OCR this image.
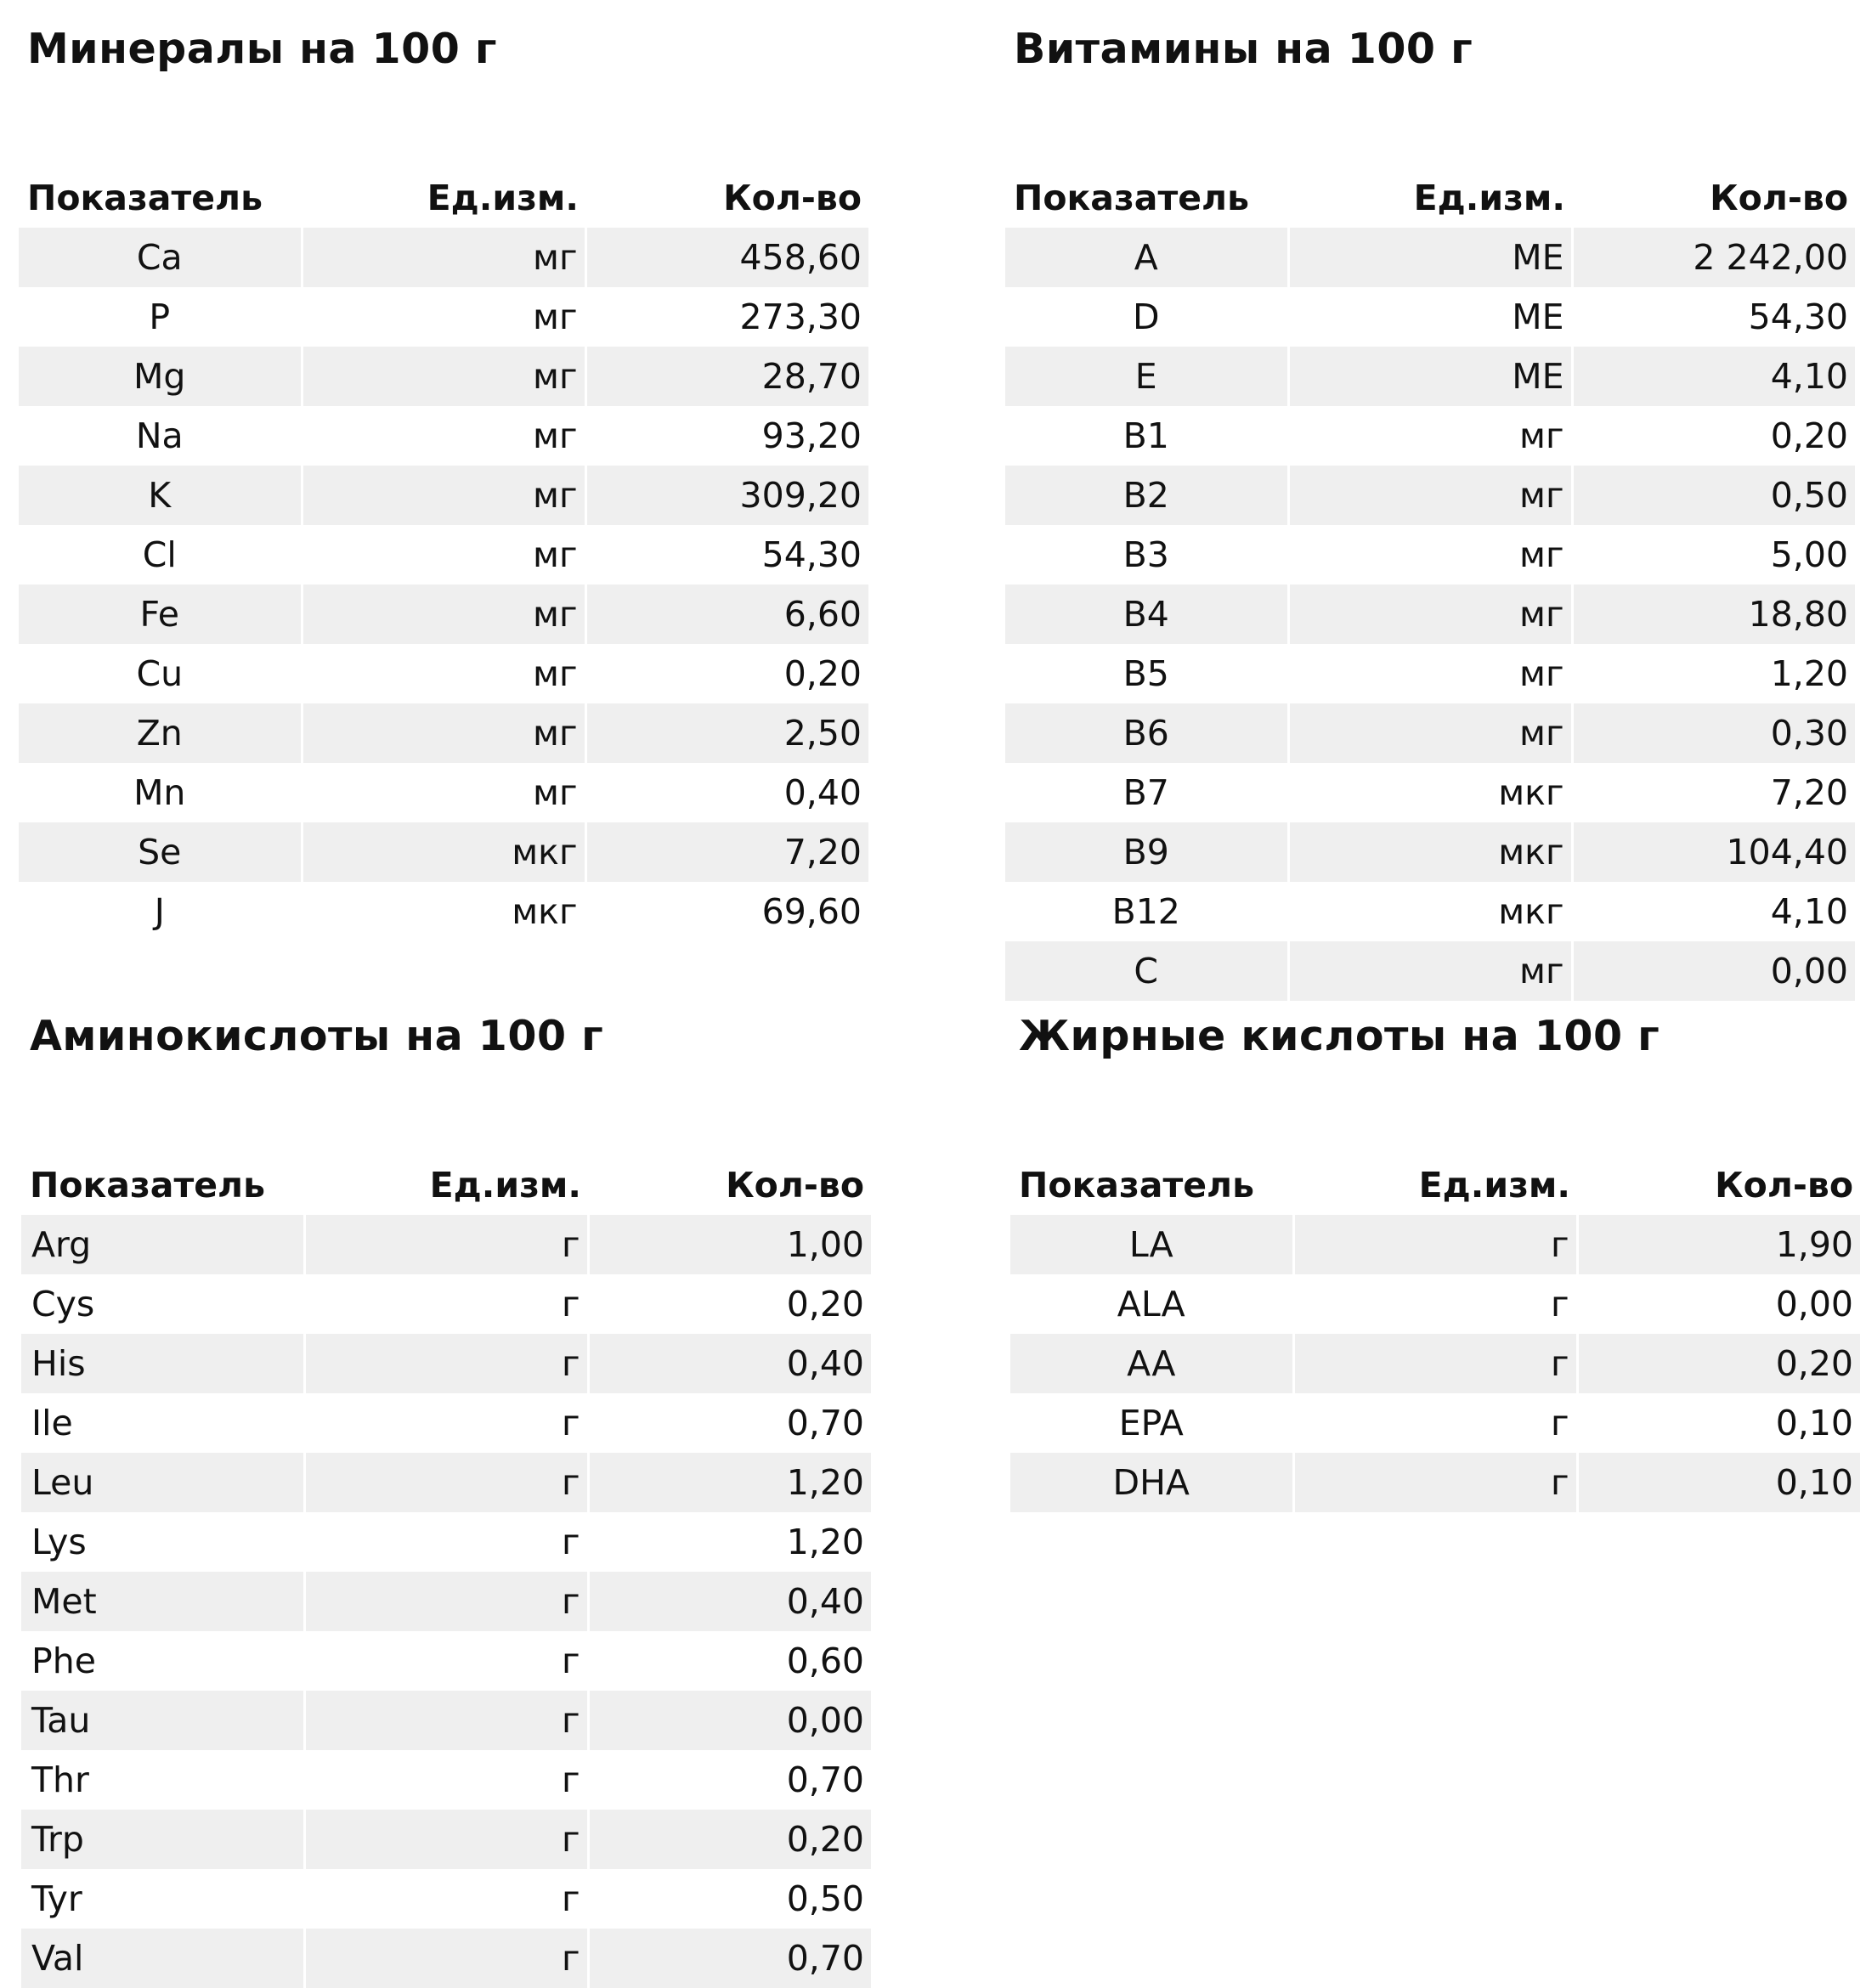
Минералы на 100 г
Показатель	Ед.изм.	Кол-во
Ca	мг	458,60
P	мг	273,30
Mg	мг	28,70
Na	мг	93,20
K	мг	309,20
Cl	мг	54,30
Fe	мг	6,60
Cu	мг	0,20
Zn	мг	2,50
Mn	мг	0,40
Se	мкг	7,20
J	мкг	69,60
Витамины на 100 г
Показатель	Ед.изм.	Кол-во
A	МЕ	2 242,00
D	МЕ	54,30
E	МЕ	4,10
B1	мг	0,20
B2	мг	0,50
B3	мг	5,00
B4	мг	18,80
B5	мг	1,20
B6	мг	0,30
B7	мкг	7,20
B9	мкг	104,40
B12	мкг	4,10
C	мг	0,00
Аминокислоты на 100 г
Показатель	Ед.изм.	Кол-во
Arg	г	1,00
Cys	г	0,20
His	г	0,40
Ile	г	0,70
Leu	г	1,20
Lys	г	1,20
Met	г	0,40
Phe	г	0,60
Tau	г	0,00
Thr	г	0,70
Trp	г	0,20
Tyr	г	0,50
Val	г	0,70
Жирные кислоты на 100 г
Показатель	Ед.изм.	Кол-во
LA	г	1,90
ALA	г	0,00
AA	г	0,20
EPA	г	0,10
DHA	г	0,10
